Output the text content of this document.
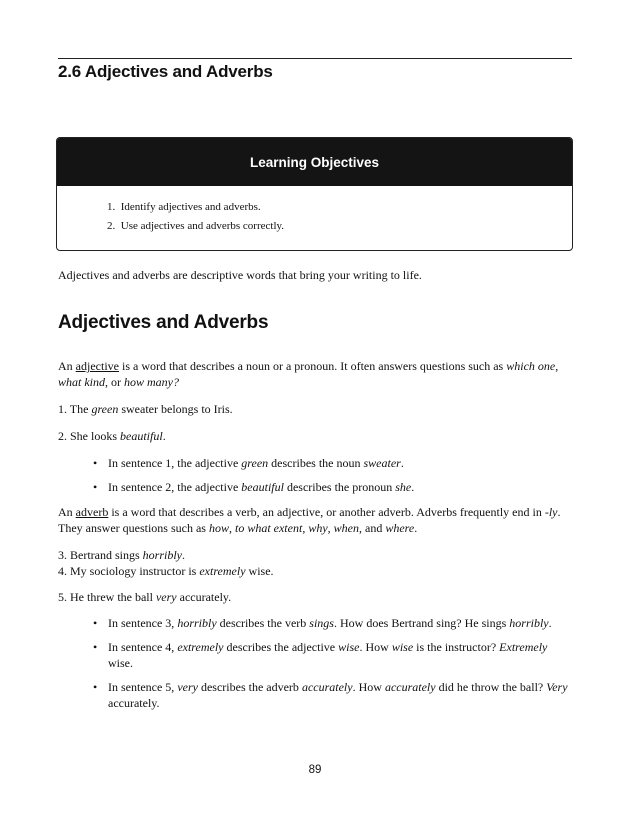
2.6 Adjectives and Adverbs
Learning Objectives
1. Identify adjectives and adverbs.
2. Use adjectives and adverbs correctly.

Adjectives and adverbs are descriptive words that bring your writing to life.

Adjectives and Adverbs

An adjective is a word that describes a noun or a pronoun. It often answers questions such as which one, what kind, or how many?

1. The green sweater belongs to Iris.

2. She looks beautiful.

• In sentence 1, the adjective green describes the noun sweater.
• In sentence 2, the adjective beautiful describes the pronoun she.

An adverb is a word that describes a verb, an adjective, or another adverb. Adverbs frequently end in -ly. They answer questions such as how, to what extent, why, when, and where.

3. Bertrand sings horribly.

4. My sociology instructor is extremely wise.

5. He threw the ball very accurately.

• In sentence 3, horribly describes the verb sings. How does Bertrand sing? He sings horribly.
• In sentence 4, extremely describes the adjective wise. How wise is the instructor? Extremely wise.
• In sentence 5, very describes the adverb accurately. How accurately did he throw the ball? Very accurately.
89
